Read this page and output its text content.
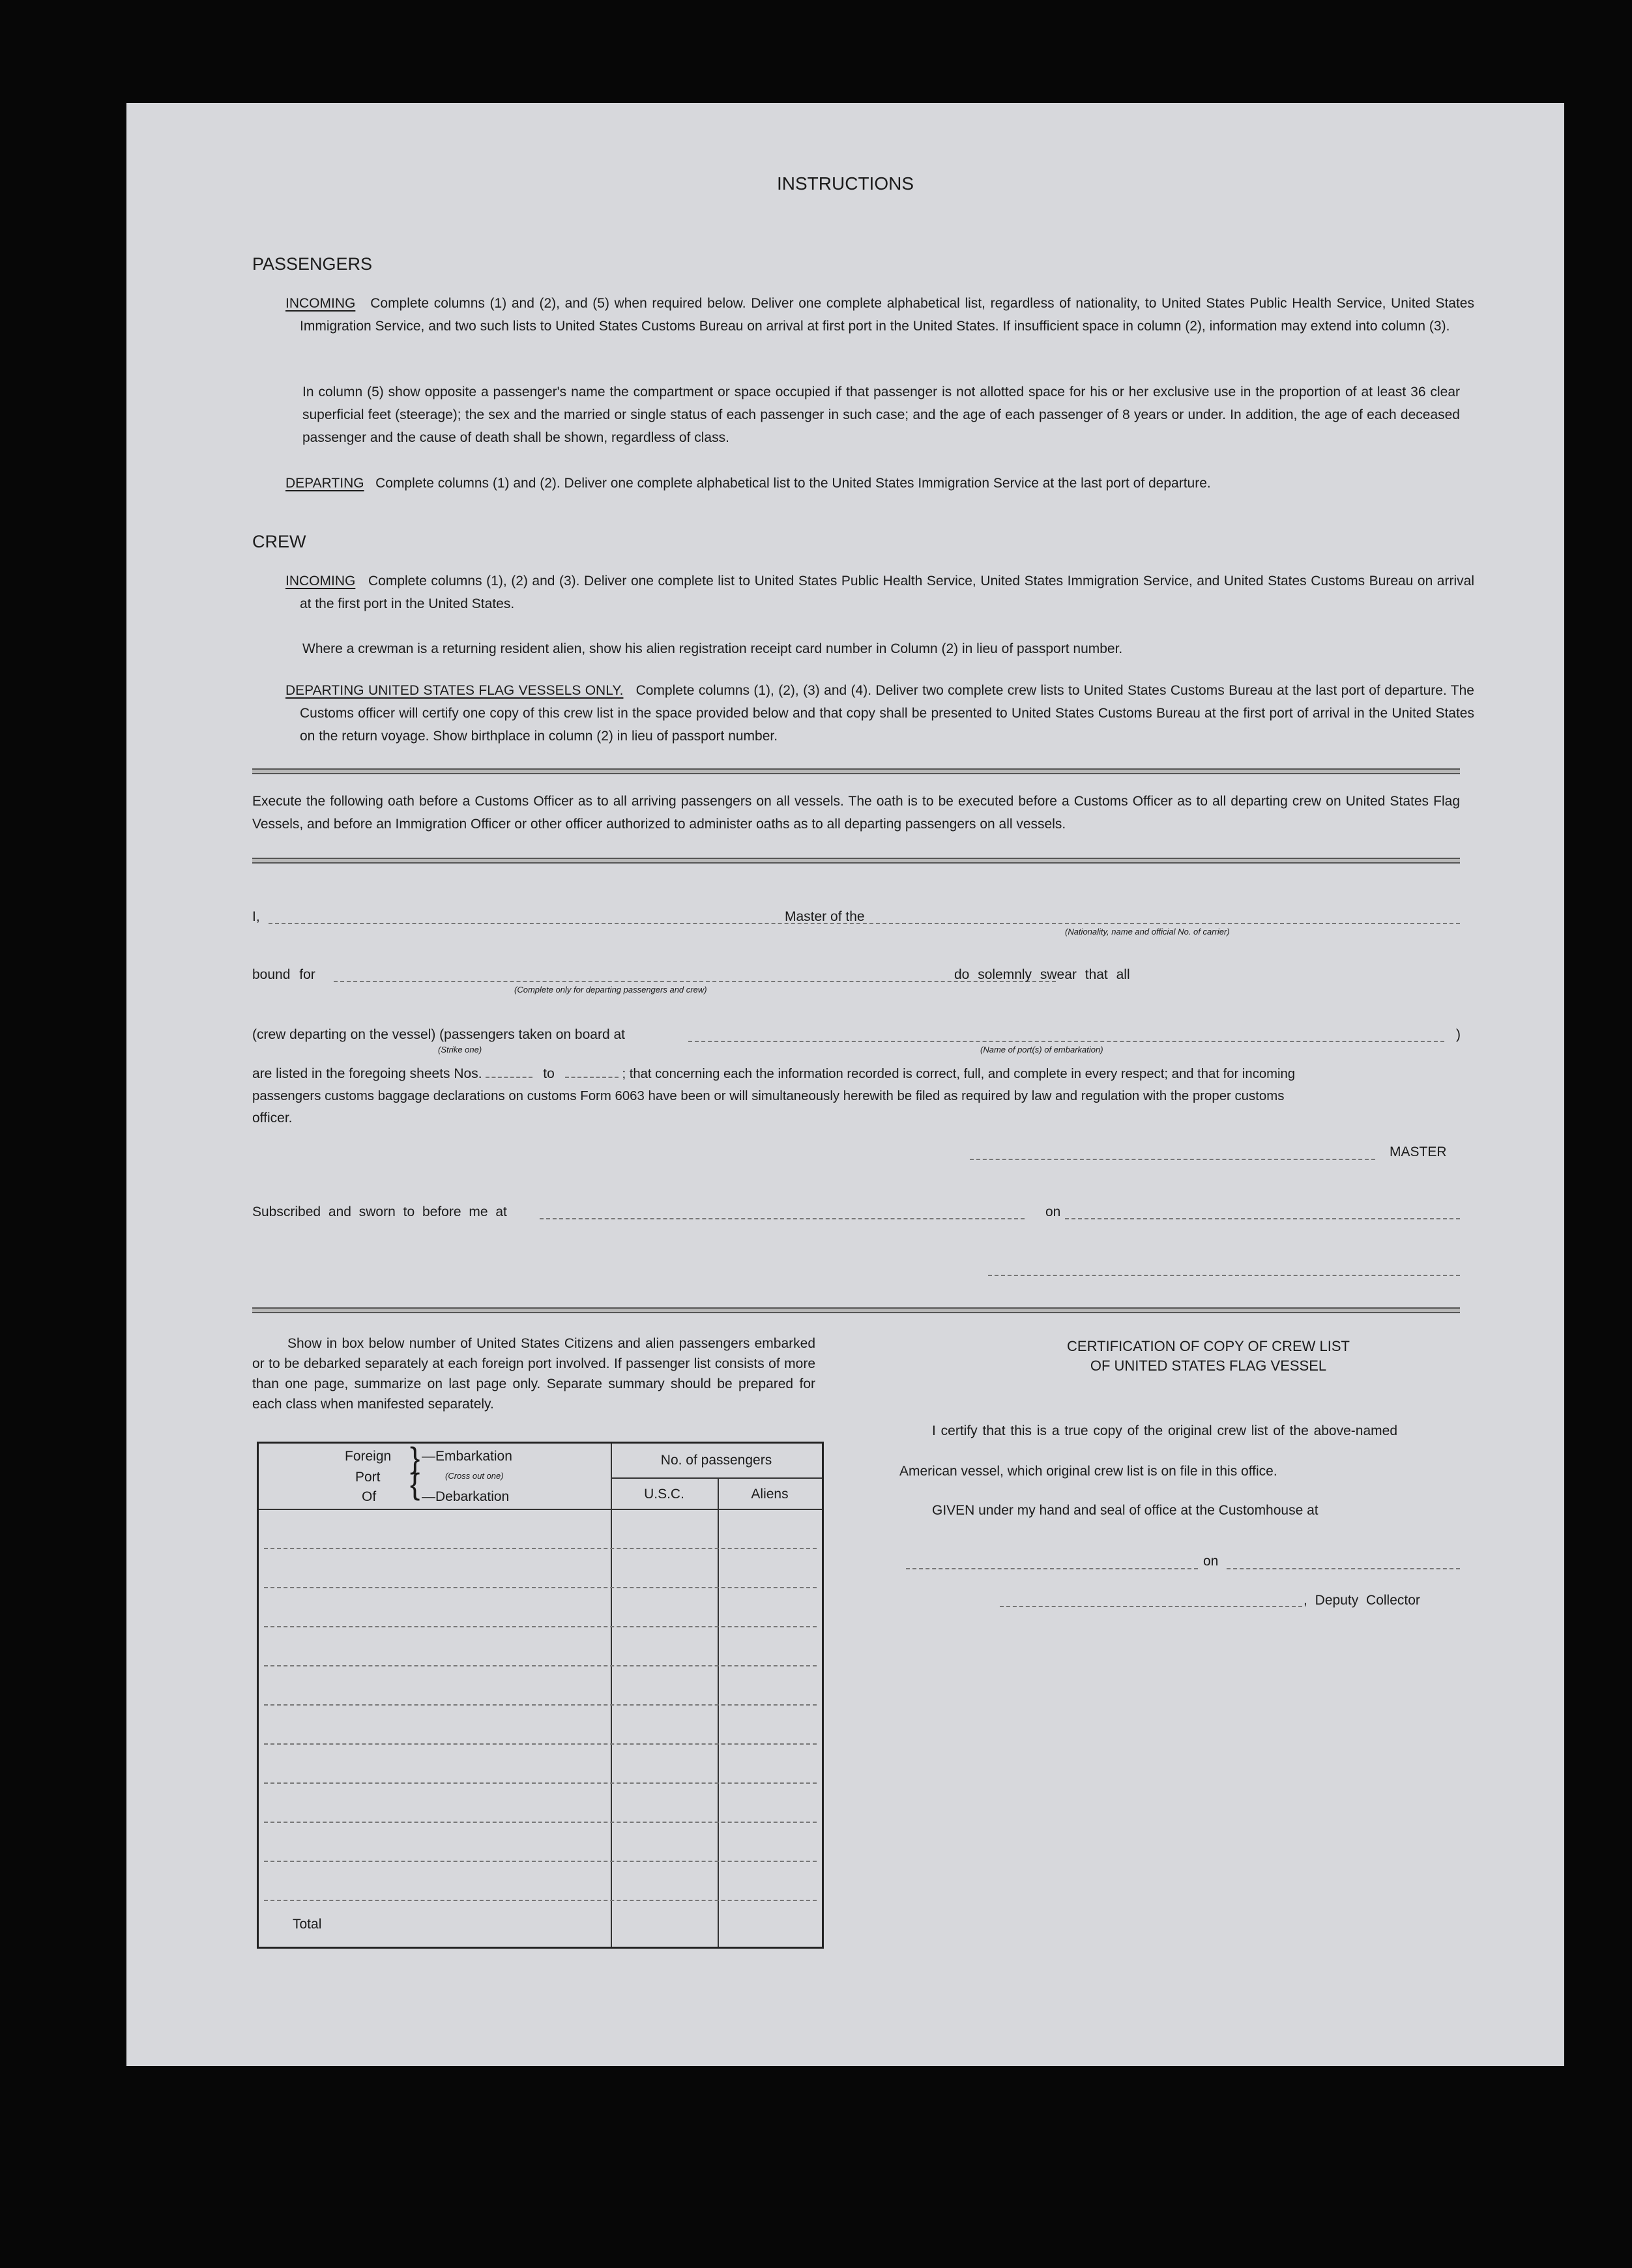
INSTRUCTIONS
PASSENGERS
INCOMING Complete columns (1) and (2), and (5) when required below. Deliver one complete alphabetical list, regardless of nationality, to United States Public Health Service, United States Immigration Service, and two such lists to United States Customs Bureau on arrival at first port in the United States. If insufficient space in column (2), information may extend into column (3).
In column (5) show opposite a passenger's name the compartment or space occupied if that passenger is not allotted space for his or her exclusive use in the proportion of at least 36 clear superficial feet (steerage); the sex and the married or single status of each passenger in such case; and the age of each passenger of 8 years or under. In addition, the age of each deceased passenger and the cause of death shall be shown, regardless of class.
DEPARTING Complete columns (1) and (2). Deliver one complete alphabetical list to the United States Immigration Service at the last port of departure.
CREW
INCOMING Complete columns (1), (2) and (3). Deliver one complete list to United States Public Health Service, United States Immigration Service, and United States Customs Bureau on arrival at the first port in the United States.
Where a crewman is a returning resident alien, show his alien registration receipt card number in Column (2) in lieu of passport number.
DEPARTING UNITED STATES FLAG VESSELS ONLY. Complete columns (1), (2), (3) and (4). Deliver two complete crew lists to United States Customs Bureau at the last port of departure. The Customs officer will certify one copy of this crew list in the space provided below and that copy shall be presented to United States Customs Bureau at the first port of arrival in the United States on the return voyage. Show birthplace in column (2) in lieu of passport number.
Execute the following oath before a Customs Officer as to all arriving passengers on all vessels. The oath is to be executed before a Customs Officer as to all departing crew on United States Flag Vessels, and before an Immigration Officer or other officer authorized to administer oaths as to all departing passengers on all vessels.
I,	Master of the
(Nationality, name and official No. of carrier)
bound for
(Complete only for departing passengers and crew)
do solemnly swear that all
(crew departing on the vessel) (passengers taken on board at	)
(Strike one)	(Name of port(s) of embarkation)
are listed in the foregoing sheets Nos.	to	; that concerning each the information recorded is correct, full, and complete in every respect; and that for incoming
passengers customs baggage declarations on customs Form 6063 have been or will simultaneously herewith be filed as required by law and regulation with the proper customs
officer.
MASTER
Subscribed and sworn to before me at	on
Show in box below number of United States Citizens and alien passengers embarked or to be debarked separately at each foreign port involved. If passenger list consists of more than one page, summarize on last page only. Separate summary should be prepared for each class when manifested separately.
Foreign
Port
Of
}
{
—Embarkation
(Cross out one)
—Debarkation
No. of passengers
U.S.C.	Aliens
Total
CERTIFICATION OF COPY OF CREW LIST
OF UNITED STATES FLAG VESSEL
I certify that this is a true copy of the original crew list of the above-named
American vessel, which original crew list is on file in this office.
GIVEN under my hand and seal of office at the Customhouse at
on
, Deputy Collector
